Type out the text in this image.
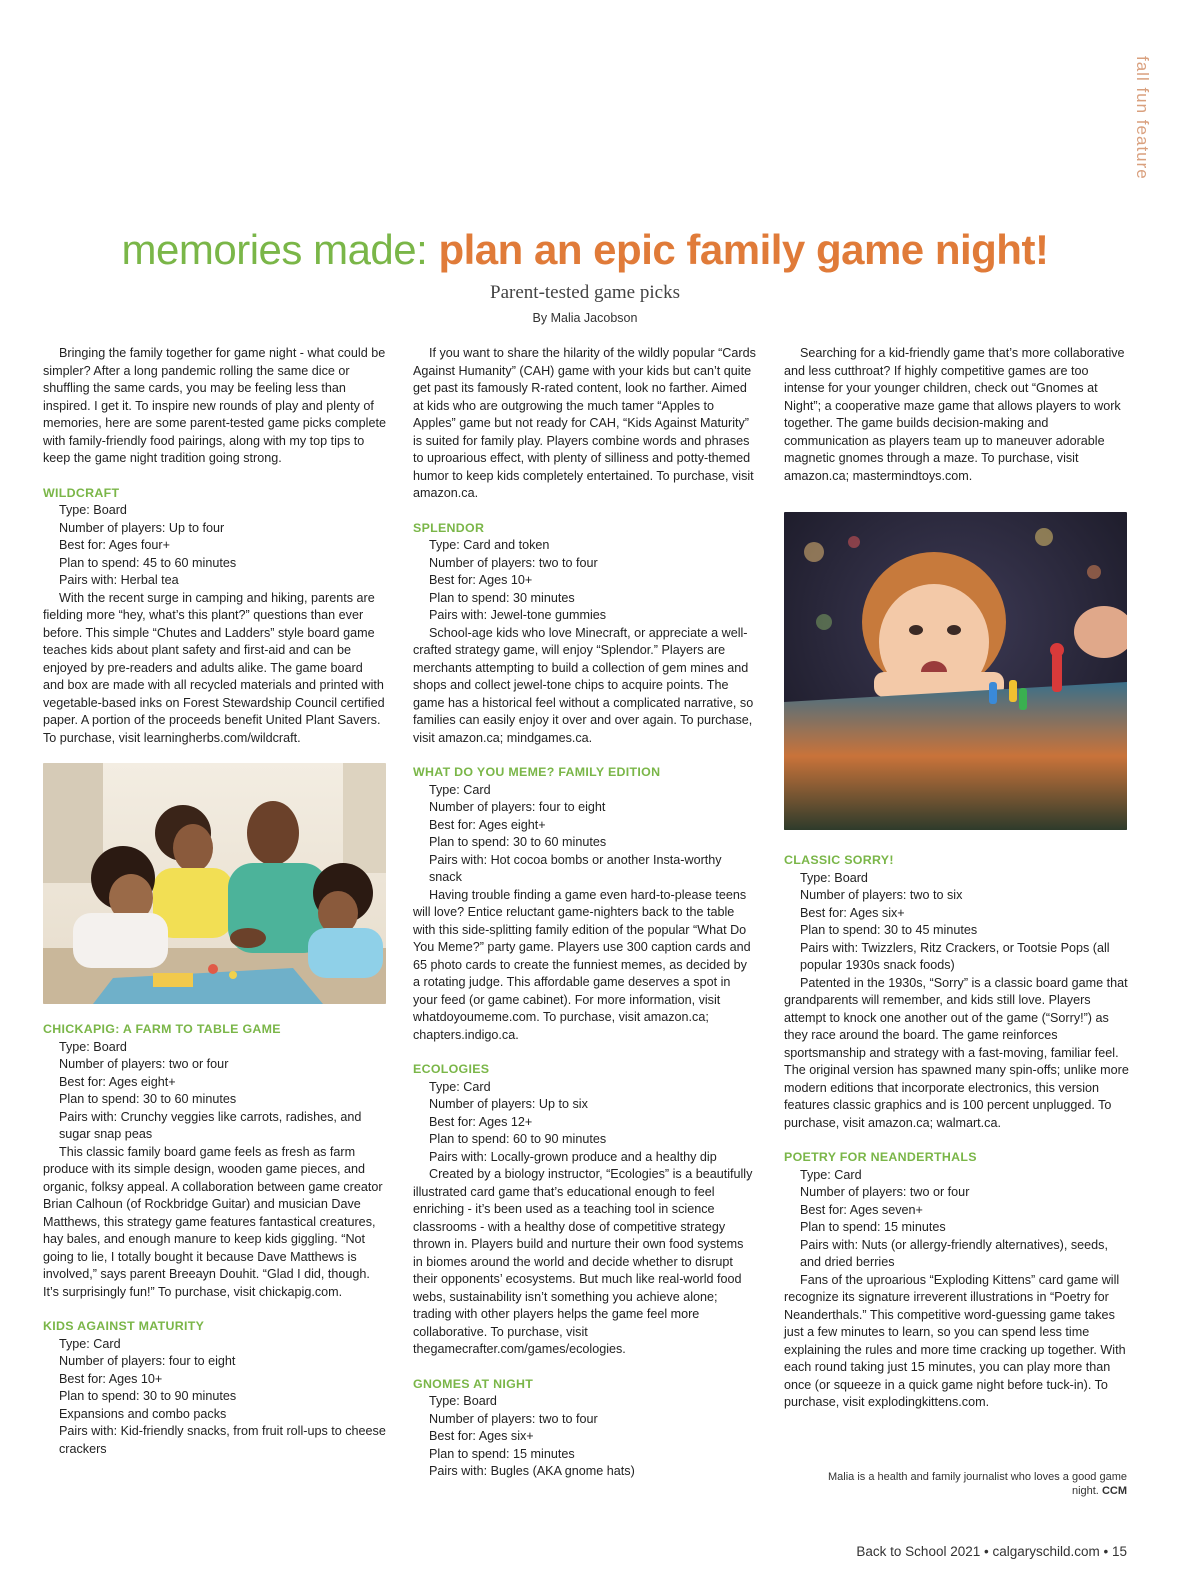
fall fun feature
memories made: plan an epic family game night!
Parent-tested game picks
By Malia Jacobson

Bringing the family together for game night - what could be simpler? After a long pandemic rolling the same dice or shuffling the same cards, you may be feeling less than inspired. I get it. To inspire new rounds of play and plenty of memories, here are some parent-tested game picks complete with family-friendly food pairings, along with my top tips to keep the game night tradition going strong.

WILDCRAFT

Type: Board

Number of players: Up to four

Best for: Ages four+

Plan to spend: 45 to 60 minutes

Pairs with: Herbal tea

With the recent surge in camping and hiking, parents are fielding more “hey, what’s this plant?” questions than ever before. This simple “Chutes and Ladders” style board game teaches kids about plant safety and first-aid and can be enjoyed by pre-readers and adults alike. The game board and box are made with all recycled materials and printed with vegetable-based inks on Forest Stewardship Council certified paper. A portion of the proceeds benefit United Plant Savers. To purchase, visit learningherbs.com/wildcraft.

CHICKAPIG: A FARM TO TABLE GAME

Type: Board

Number of players: two or four

Best for: Ages eight+

Plan to spend: 30 to 60 minutes

Pairs with: Crunchy veggies like carrots, radishes, and sugar snap peas

This classic family board game feels as fresh as farm produce with its simple design, wooden game pieces, and organic, folksy appeal. A collaboration between game creator Brian Calhoun (of Rockbridge Guitar) and musician Dave Matthews, this strategy game features fantastical creatures, hay bales, and enough manure to keep kids giggling. “Not going to lie, I totally bought it because Dave Matthews is involved,” says parent Breeayn Douhit. “Glad I did, though. It’s surprisingly fun!” To purchase, visit chickapig.com.

KIDS AGAINST MATURITY

Type: Card

Number of players: four to eight

Best for: Ages 10+

Plan to spend: 30 to 90 minutes

Expansions and combo packs

Pairs with: Kid-friendly snacks, from fruit roll-ups to cheese crackers

If you want to share the hilarity of the wildly popular “Cards Against Humanity” (CAH) game with your kids but can’t quite get past its famously R-rated content, look no farther. Aimed at kids who are outgrowing the much tamer “Apples to Apples” game but not ready for CAH, “Kids Against Maturity” is suited for family play. Players combine words and phrases to uproarious effect, with plenty of silliness and potty-themed humor to keep kids completely entertained. To purchase, visit amazon.ca.

SPLENDOR

Type: Card and token

Number of players: two to four

Best for: Ages 10+

Plan to spend: 30 minutes

Pairs with: Jewel-tone gummies

School-age kids who love Minecraft, or appreciate a well-crafted strategy game, will enjoy “Splendor.” Players are merchants attempting to build a collection of gem mines and shops and collect jewel-tone chips to acquire points. The game has a historical feel without a complicated narrative, so families can easily enjoy it over and over again. To purchase, visit amazon.ca; mindgames.ca.

WHAT DO YOU MEME? FAMILY EDITION

Type: Card

Number of players: four to eight

Best for: Ages eight+

Plan to spend: 30 to 60 minutes

Pairs with: Hot cocoa bombs or another Insta-worthy snack

Having trouble finding a game even hard-to-please teens will love? Entice reluctant game-nighters back to the table with this side-splitting family edition of the popular “What Do You Meme?” party game. Players use 300 caption cards and 65 photo cards to create the funniest memes, as decided by a rotating judge. This affordable game deserves a spot in your feed (or game cabinet). For more information, visit whatdoyoumeme.com. To purchase, visit amazon.ca; chapters.indigo.ca.

ECOLOGIES

Type: Card

Number of players: Up to six

Best for: Ages 12+

Plan to spend: 60 to 90 minutes

Pairs with: Locally-grown produce and a healthy dip

Created by a biology instructor, “Ecologies” is a beautifully illustrated card game that’s educational enough to feel enriching - it’s been used as a teaching tool in science classrooms - with a healthy dose of competitive strategy thrown in. Players build and nurture their own food systems in biomes around the world and decide whether to disrupt their opponents’ ecosystems. But much like real-world food webs, sustainability isn’t something you achieve alone; trading with other players helps the game feel more collaborative. To purchase, visit thegamecrafter.com/games/ecologies.

GNOMES AT NIGHT

Type: Board

Number of players: two to four

Best for: Ages six+

Plan to spend: 15 minutes

Pairs with: Bugles (AKA gnome hats)

Searching for a kid-friendly game that’s more collaborative and less cutthroat? If highly competitive games are too intense for your younger children, check out “Gnomes at Night”; a cooperative maze game that allows players to work together. The game builds decision-making and communication as players team up to maneuver adorable magnetic gnomes through a maze. To purchase, visit amazon.ca; mastermindtoys.com.

CLASSIC SORRY!

Type: Board

Number of players: two to six

Best for: Ages six+

Plan to spend: 30 to 45 minutes

Pairs with: Twizzlers, Ritz Crackers, or Tootsie Pops (all popular 1930s snack foods)

Patented in the 1930s, “Sorry” is a classic board game that grandparents will remember, and kids still love. Players attempt to knock one another out of the game (“Sorry!”) as they race around the board. The game reinforces sportsmanship and strategy with a fast-moving, familiar feel. The original version has spawned many spin-offs; unlike more modern editions that incorporate electronics, this version features classic graphics and is 100 percent unplugged. To purchase, visit amazon.ca; walmart.ca.

POETRY FOR NEANDERTHALS

Type: Card

Number of players: two or four

Best for: Ages seven+

Plan to spend: 15 minutes

Pairs with: Nuts (or allergy-friendly alternatives), seeds, and dried berries

Fans of the uproarious “Exploding Kittens” card game will recognize its signature irreverent illustrations in “Poetry for Neanderthals.” This competitive word-guessing game takes just a few minutes to learn, so you can spend less time explaining the rules and more time cracking up together. With each round taking just 15 minutes, you can play more than once (or squeeze in a quick game night before tuck-in). To purchase, visit explodingkittens.com.

Malia is a health and family journalist who loves a good game night. CCM
Back to School 2021 • calgaryschild.com • 15
